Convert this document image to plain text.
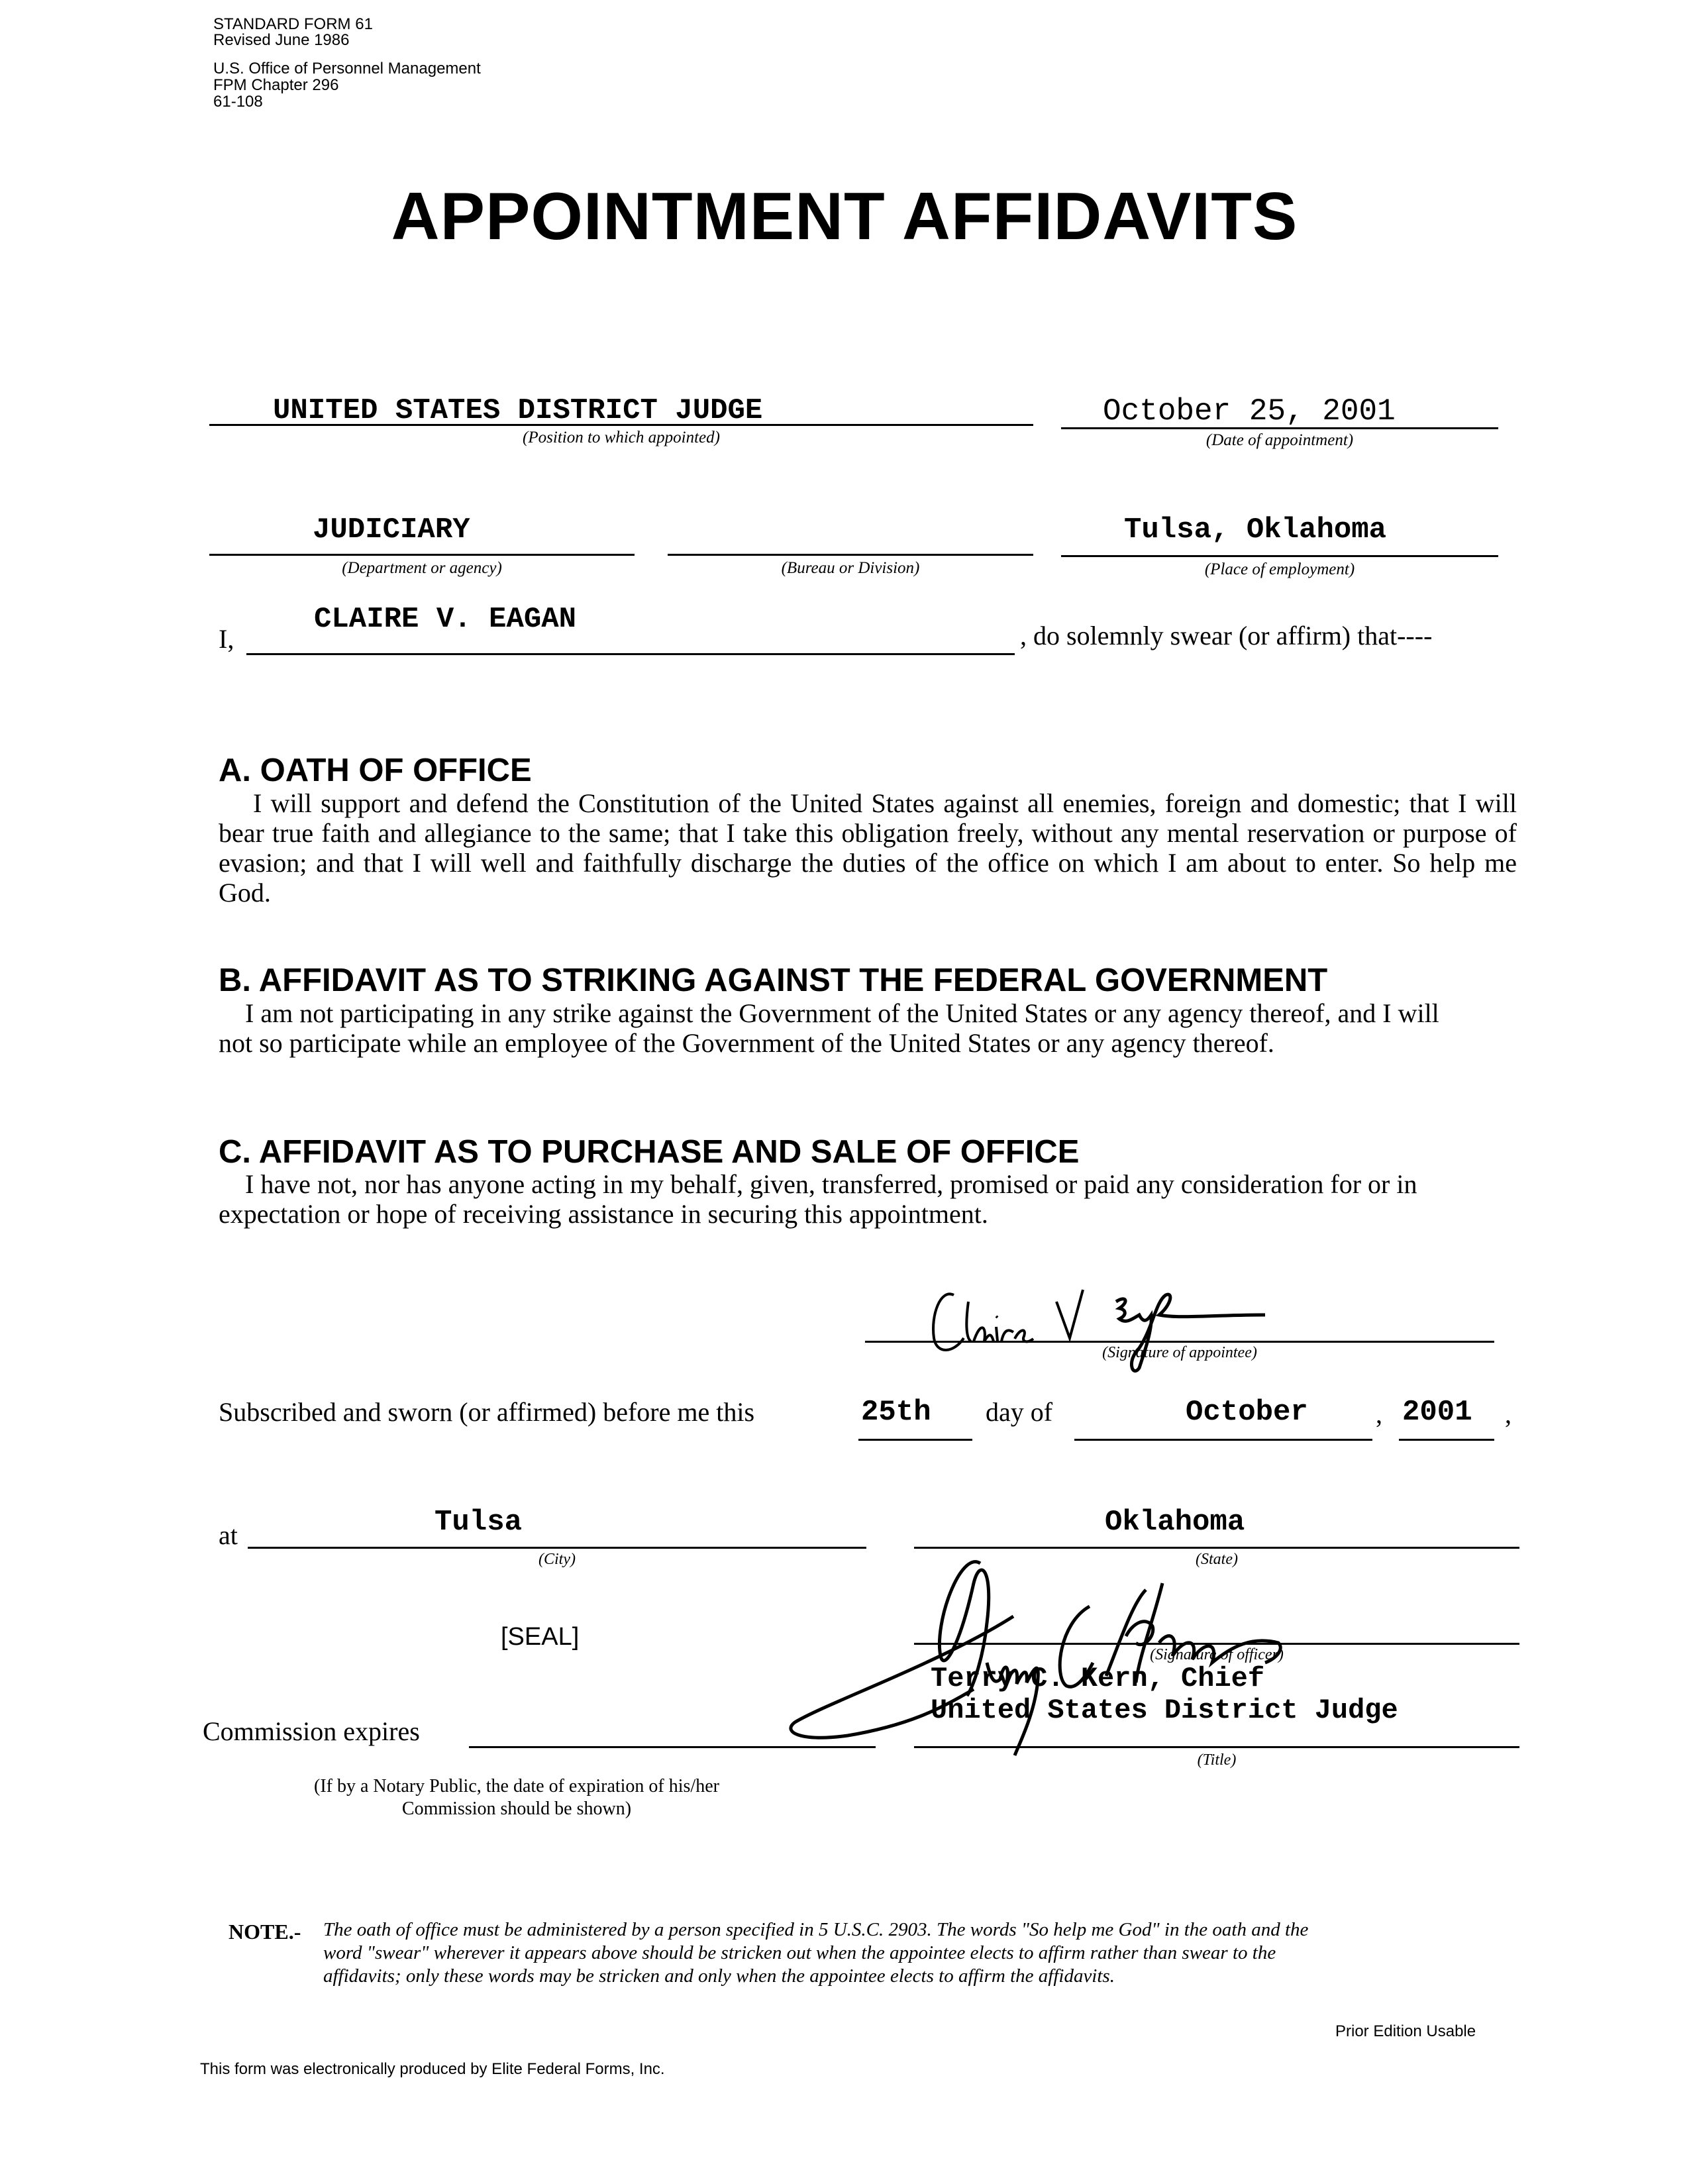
STANDARD FORM 61
Revised June 1986
U.S. Office of Personnel Management
FPM Chapter 296
61-108
APPOINTMENT AFFIDAVITS
UNITED STATES DISTRICT JUDGE
(Position to which appointed)
October 25, 2001
(Date of appointment)
JUDICIARY
(Department or agency)	(Bureau or Division)
Tulsa, Oklahoma
(Place of employment)
I,
CLAIRE V. EAGAN	, do solemnly swear (or affirm) that----
A. OATH OF OFFICE
I will support and defend the Constitution of the United States against all enemies, foreign and domestic; that I will bear true faith and allegiance to the same; that I take this obligation freely, without any mental reservation or purpose of evasion; and that I will well and faithfully discharge the duties of the office on which I am about to enter. So help me God.
B. AFFIDAVIT AS TO STRIKING AGAINST THE FEDERAL GOVERNMENT
I am not participating in any strike against the Government of the United States or any agency thereof, and I will not so participate while an employee of the Government of the United States or any agency thereof.
C. AFFIDAVIT AS TO PURCHASE AND SALE OF OFFICE
I have not, nor has anyone acting in my behalf, given, transferred, promised or paid any consideration for or in expectation or hope of receiving assistance in securing this appointment.
(Signature of appointee)
Subscribed and sworn (or affirmed) before me this	25th day of	October	, 2001 ,
at	Tulsa
(City)
Oklahoma
(State)
[SEAL]
(Signature of officer)
Terry C. Kern, Chief
United States District Judge
(Title)
Commission expires
(If by a Notary Public, the date of expiration of his/her
Commission should be shown)
NOTE.- The oath of office must be administered by a person specified in 5 U.S.C. 2903. The words "So help me God" in the oath and the
word "swear" wherever it appears above should be stricken out when the appointee elects to affirm rather than swear to the
affidavits; only these words may be stricken and only when the appointee elects to affirm the affidavits.
Prior Edition Usable
This form was electronically produced by Elite Federal Forms, Inc.
